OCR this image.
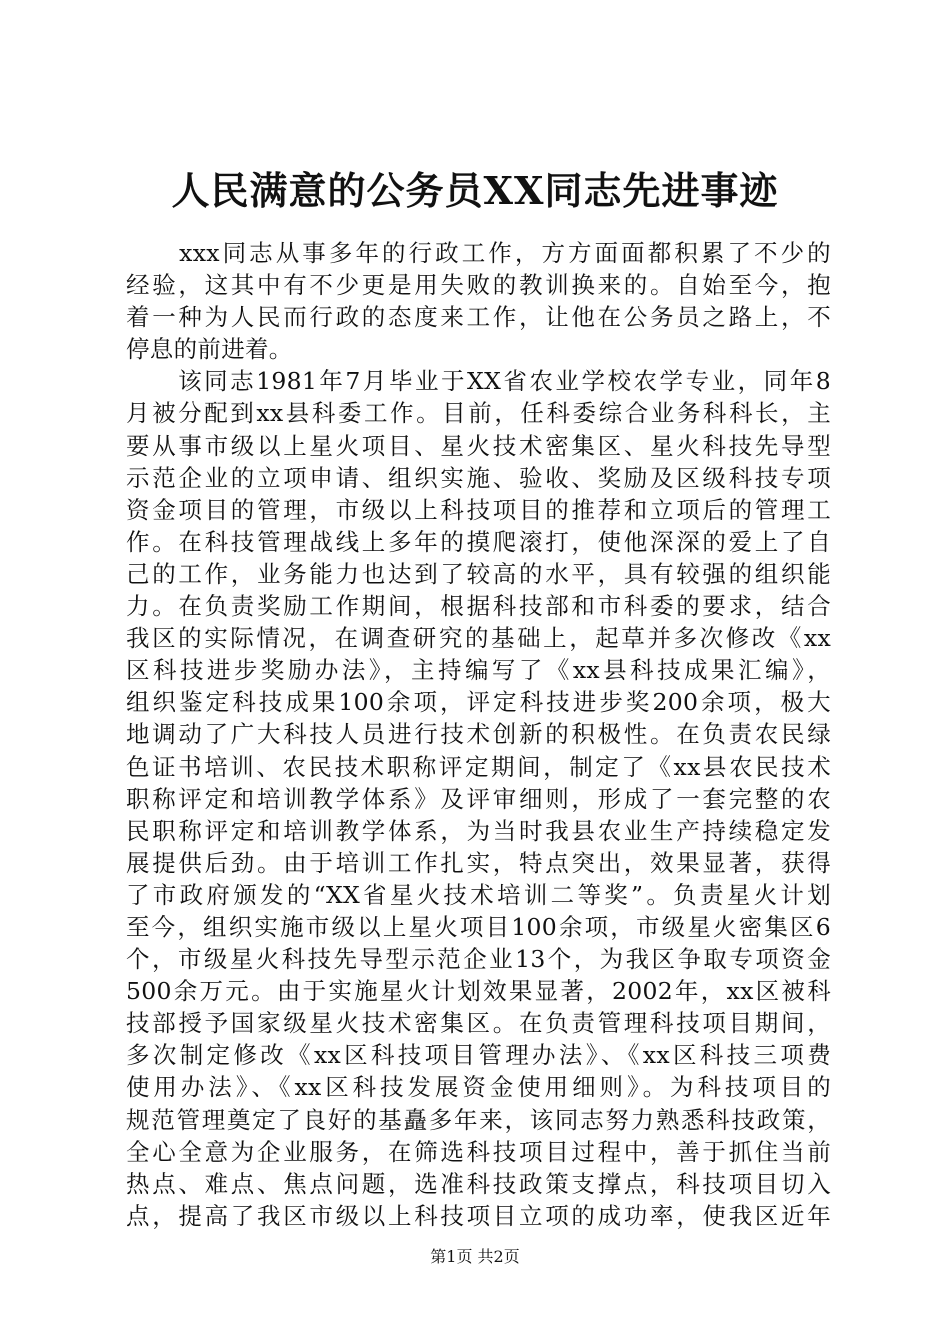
人民满意的公务员XX同志先进事迹
　　xxx同志从事多年的行政工作，方方面面都积累了不少的
经验，这其中有不少更是用失败的教训换来的。自始至今，抱
着一种为人民而行政的态度来工作，让他在公务员之路上，不
停息的前进着。
　　该同志1981年7月毕业于XX省农业学校农学专业，同年8
月被分配到xx县科委工作。目前，任科委综合业务科科长，主
要从事市级以上星火项目、星火技术密集区、星火科技先导型
示范企业的立项申请、组织实施、验收、奖励及区级科技专项
资金项目的管理，市级以上科技项目的推荐和立项后的管理工
作。在科技管理战线上多年的摸爬滚打，使他深深的爱上了自
己的工作，业务能力也达到了较高的水平，具有较强的组织能
力。在负责奖励工作期间，根据科技部和市科委的要求，结合
我区的实际情况，在调查研究的基础上，起草并多次修改《xx
区科技进步奖励办法》，主持编写了《xx县科技成果汇编》，
组织鉴定科技成果100余项，评定科技进步奖200余项，极大
地调动了广大科技人员进行技术创新的积极性。在负责农民绿
色证书培训、农民技术职称评定期间，制定了《xx县农民技术
职称评定和培训教学体系》及评审细则，形成了一套完整的农
民职称评定和培训教学体系，为当时我县农业生产持续稳定发
展提供后劲。由于培训工作扎实，特点突出，效果显著，获得
了市政府颁发的“XX省星火技术培训二等奖”。负责星火计划
至今，组织实施市级以上星火项目100余项，市级星火密集区6
个，市级星火科技先导型示范企业13个，为我区争取专项资金
500余万元。由于实施星火计划效果显著，2002年，xx区被科
技部授予国家级星火技术密集区。在负责管理科技项目期间，
多次制定修改《xx区科技项目管理办法》、《xx区科技三项费
使用办法》、《xx区科技发展资金使用细则》。为科技项目的
规范管理奠定了良好的基矗多年来，该同志努力熟悉科技政策，
全心全意为企业服务，在筛选科技项目过程中，善于抓住当前
热点、难点、焦点问题，选准科技政策支撑点，科技项目切入
点，提高了我区市级以上科技项目立项的成功率，使我区近年
第1页 共2页
